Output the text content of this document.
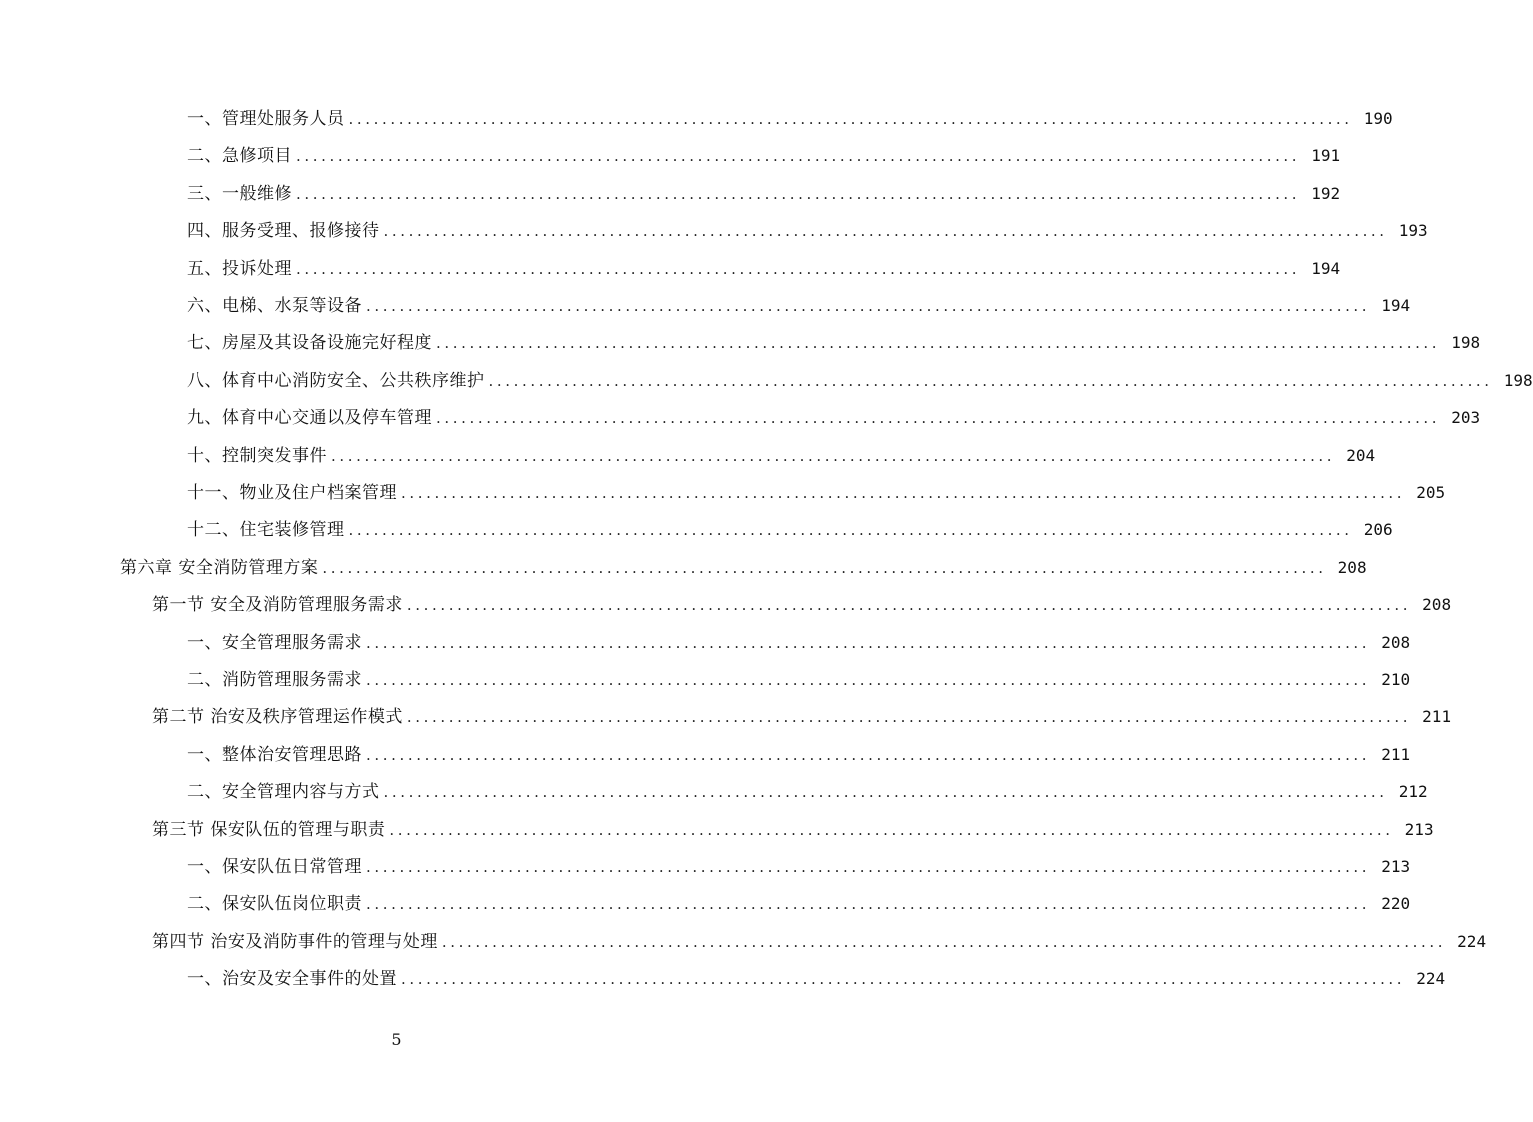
一、管理处服务人员 ........................................................................................................................ 190
二、急修项目 ........................................................................................................................ 191
三、一般维修 ........................................................................................................................ 192
四、服务受理、报修接待 ........................................................................................................................ 193
五、投诉处理 ........................................................................................................................ 194
六、电梯、水泵等设备 ........................................................................................................................ 194
七、房屋及其设备设施完好程度 ........................................................................................................................ 198
八、体育中心消防安全、公共秩序维护 ........................................................................................................................ 198
九、体育中心交通以及停车管理 ........................................................................................................................ 203
十、控制突发事件 ........................................................................................................................ 204
十一、物业及住户档案管理 ........................................................................................................................ 205
十二、住宅装修管理 ........................................................................................................................ 206
第六章 安全消防管理方案 ........................................................................................................................ 208
第一节 安全及消防管理服务需求 ........................................................................................................................ 208
一、安全管理服务需求 ........................................................................................................................ 208
二、消防管理服务需求 ........................................................................................................................ 210
第二节 治安及秩序管理运作模式 ........................................................................................................................ 211
一、整体治安管理思路 ........................................................................................................................ 211
二、安全管理内容与方式 ........................................................................................................................ 212
第三节 保安队伍的管理与职责 ........................................................................................................................ 213
一、保安队伍日常管理 ........................................................................................................................ 213
二、保安队伍岗位职责 ........................................................................................................................ 220
第四节 治安及消防事件的管理与处理 ........................................................................................................................ 224
一、治安及安全事件的处置 ........................................................................................................................ 224
5
